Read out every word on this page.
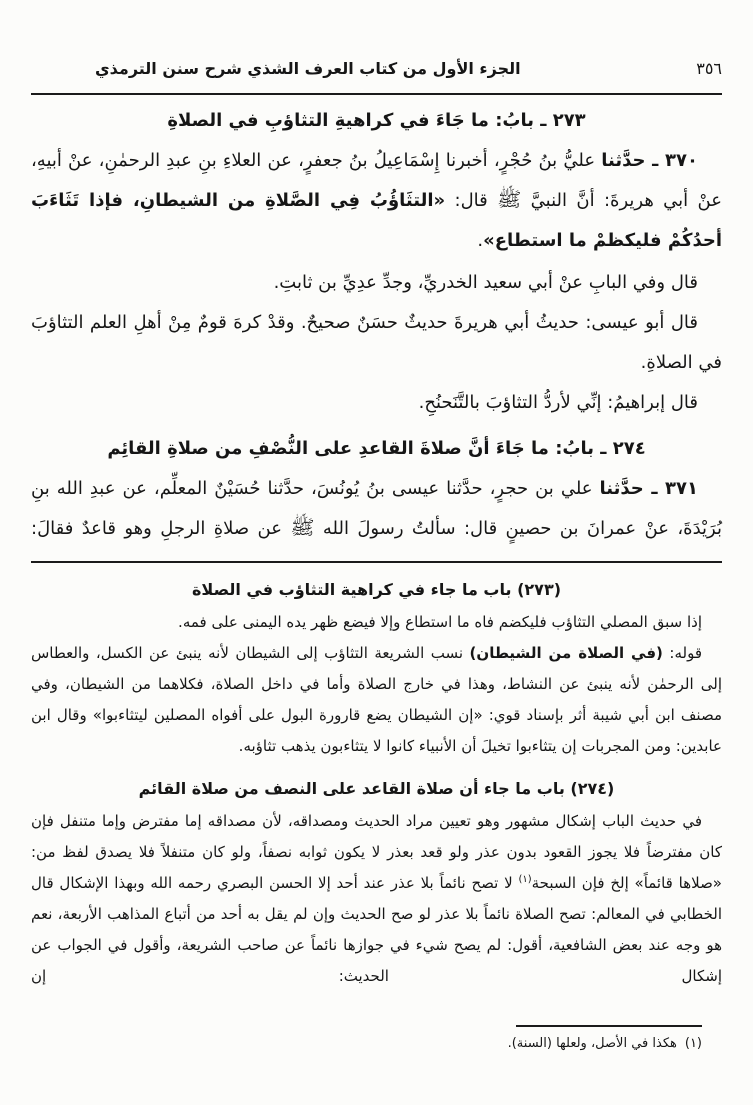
الجزء الأول من كتاب العرف الشذي شرح سنن الترمذي	٣٥٦
٢٧٣ ـ بابُ: ما جَاءَ في كراهيةِ التثاؤبِ في الصلاةِ

٣٧٠ ـ حدَّثنا عليُّ بنُ حُجْرٍ، أخبرنا إِسْمَاعِيلُ بنُ جعفرٍ، عن العلاءِ بنِ عبدِ الرحمٰنِ، عنْ أبيهِ، عنْ أبي هريرةَ: أنَّ النبيَّ ﷺ قال: «التثَاؤُبُ فِي الصَّلاةِ من الشيطانِ، فإذا تَثَاءَبَ أحدُكُمْ فليكظمْ ما استطاع».

قال وفي البابِ عنْ أبي سعيد الخدريِّ، وجدِّ عدِيِّ بن ثابتِ.

قال أبو عيسى: حديثُ أبي هريرةَ حديثٌ حسَنٌ صحيحٌ. وقدْ كرهَ قومٌ مِنْ أهلِ العلم التثاؤبَ في الصلاةِ.

قال إبراهيمُ: إنِّي لأردُّ التثاؤبَ بالتَّنَحنُحِ.

٢٧٤ ـ بابُ: ما جَاءَ أنَّ صلاةَ القاعدِ على النُّصْفِ من صلاةِ القائِم

٣٧١ ـ حدَّثنا علي بن حجرٍ، حدَّثنا عيسى بنُ يُونُسَ، حدَّثنا حُسَيْنٌ المعلِّم، عن عبدِ الله بنِ بُرَيْدَةَ، عنْ عمرانَ بن حصينٍ قال: سألتُ رسولَ الله ﷺ عن صلاةِ الرجلِ وهو قاعدٌ فقالَ:

(٢٧٣) باب ما جاء في كراهية التثاؤب في الصلاة

إذا سبق المصلي التثاؤب فليكضم فاه ما استطاع وإلا فيضع ظهر يده اليمنى على فمه.

قوله: (في الصلاة من الشيطان) نسب الشريعة التثاؤب إلى الشيطان لأنه ينبئ عن الكسل، والعطاس إلى الرحمٰن لأنه ينبئ عن النشاط، وهذا في خارج الصلاة وأما في داخل الصلاة، فكلاهما من الشيطان، وفي مصنف ابن أبي شيبة أثر بإسناد قوي: «إن الشيطان يضع قارورة البول على أفواه المصلين ليتثاءبوا» وقال ابن عابدين: ومن المجربات إن يتثاءبوا تخيلَ أن الأنبياء كانوا لا يتثاءبون يذهب تثاؤبه.

(٢٧٤) باب ما جاء أن صلاة القاعد على النصف من صلاة القائم

في حديث الباب إشكال مشهور وهو تعيين مراد الحديث ومصداقه، لأن مصداقه إما مفترض وإما متنفل فإن كان مفترضاً فلا يجوز القعود بدون عذر ولو قعد بعذر لا يكون ثوابه نصفاً، ولو كان متنفلاً فلا يصدق لفظ من: «صلاها قائماً» إلخ فإن السبحة$^{(١)}$ لا تصح نائماً بلا عذر عند أحد إلا الحسن البصري رحمه الله وبهذا الإشكال قال الخطابي في المعالم: تصح الصلاة نائماً بلا عذر لو صح الحديث وإن لم يقل به أحد من أتباع المذاهب الأربعة، نعم هو وجه عند بعض الشافعية، أقول: لم يصح شيء في جوازها نائماً عن صاحب الشريعة، وأقول في الجواب عن إشكال الحديث: إن

(١)هكذا في الأصل، ولعلها (السنة).
